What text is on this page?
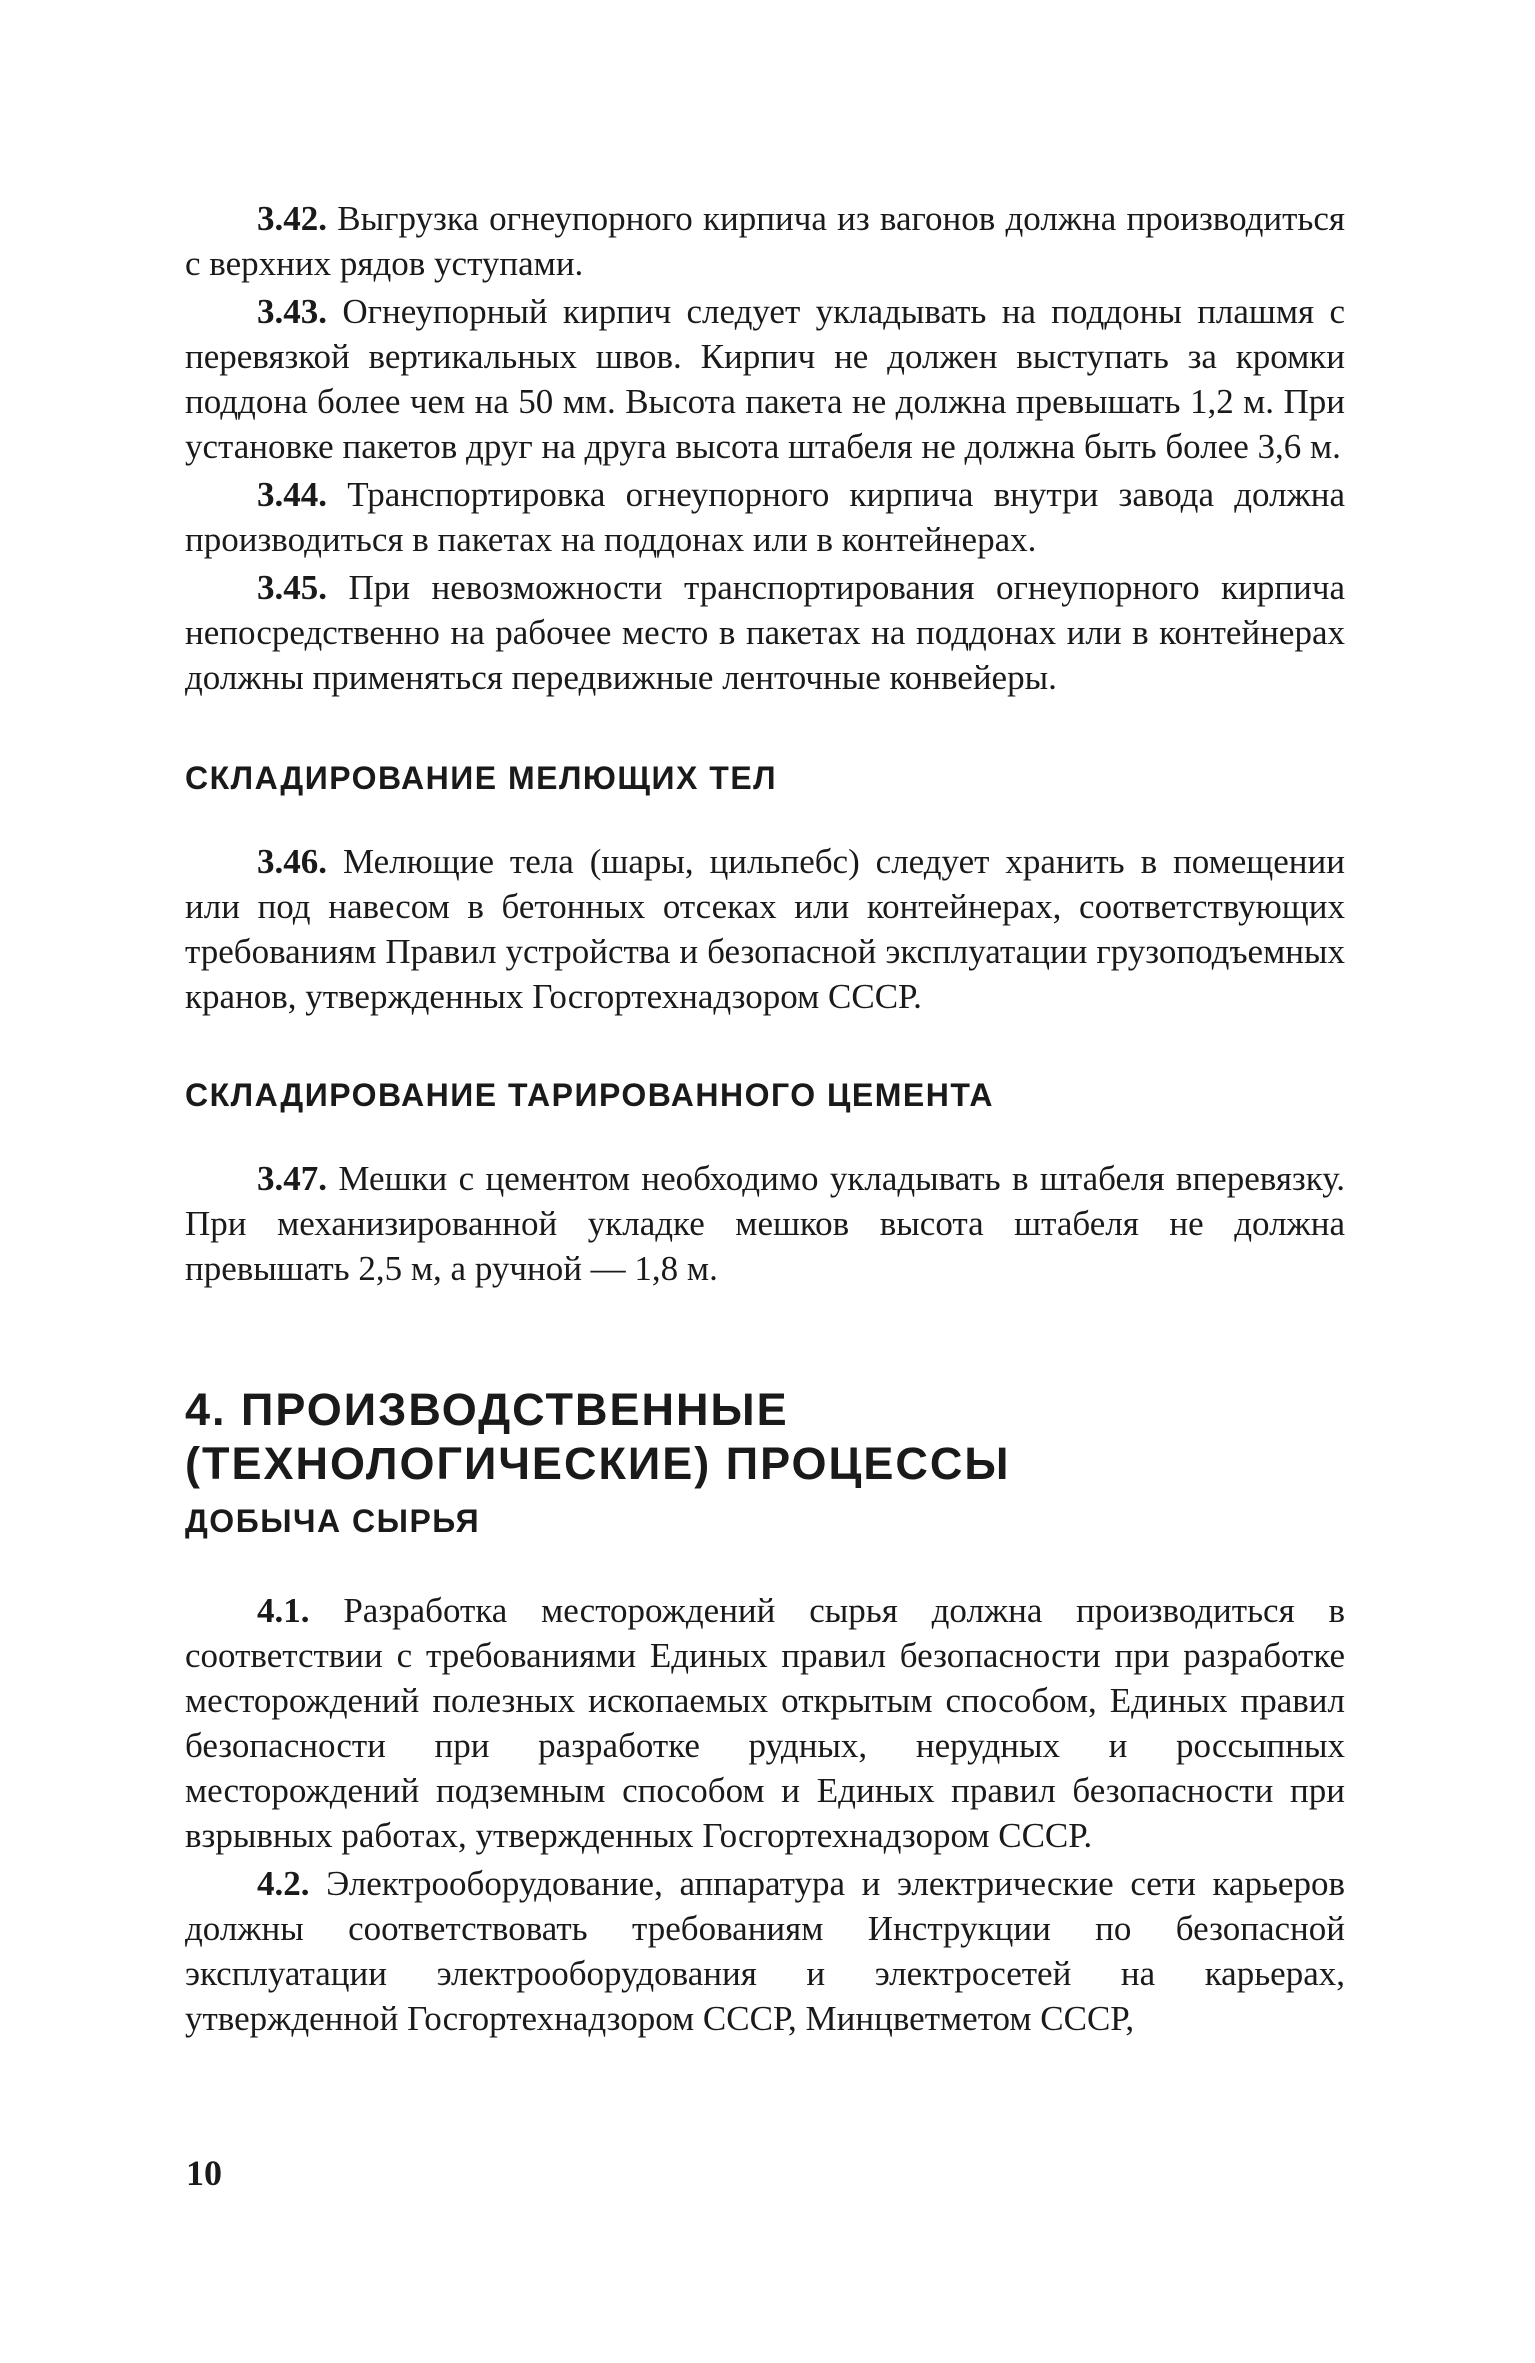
3.42. Выгрузка огнеупорного кирпича из вагонов должна производиться с верхних рядов уступами.

3.43. Огнеупорный кирпич следует укладывать на поддоны плашмя с перевязкой вертикальных швов. Кирпич не должен выступать за кромки поддона более чем на 50 мм. Высота пакета не должна превышать 1,2 м. При установке пакетов друг на друга высота штабеля не должна быть более 3,6 м.

3.44. Транспортировка огнеупорного кирпича внутри завода должна производиться в пакетах на поддонах или в контейнерах.

3.45. При невозможности транспортирования огнеупорного кирпича непосредственно на рабочее место в пакетах на поддонах или в контейнерах должны применяться передвижные ленточные конвейеры.

СКЛАДИРОВАНИЕ МЕЛЮЩИХ ТЕЛ

3.46. Мелющие тела (шары, цильпебс) следует хранить в помещении или под навесом в бетонных отсеках или контейнерах, соответствующих требованиям Правил устройства и безопасной эксплуатации грузоподъемных кранов, утвержденных Госгортехнадзором СССР.

СКЛАДИРОВАНИЕ ТАРИРОВАННОГО ЦЕМЕНТА

3.47. Мешки с цементом необходимо укладывать в штабеля вперевязку. При механизированной укладке мешков высота штабеля не должна превышать 2,5 м, а ручной — 1,8 м.

4. ПРОИЗВОДСТВЕННЫЕ
(ТЕХНОЛОГИЧЕСКИЕ) ПРОЦЕССЫ
ДОБЫЧА СЫРЬЯ

4.1. Разработка месторождений сырья должна производиться в соответствии с требованиями Единых правил безопасности при разработке месторождений полезных ископаемых открытым способом, Единых правил безопасности при разработке рудных, нерудных и россыпных месторождений подземным способом и Единых правил безопасности при взрывных работах, утвержденных Госгортехнадзором СССР.

4.2. Электрооборудование, аппаратура и электрические сети карьеров должны соответствовать требованиям Инструкции по безопасной эксплуатации электрооборудования и электросетей на карьерах, утвержденной Госгортехнадзором СССР, Минцветметом СССР,

10
